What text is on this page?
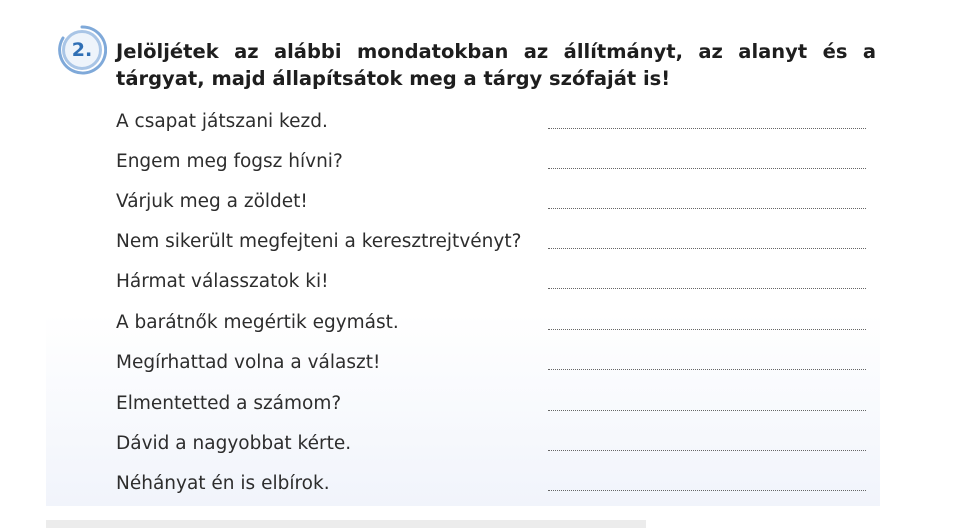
2.	Jelöljétek az alábbi mondatokban az állítmányt, az alanyt és a tárgyat, majd állapítsátok meg a tárgy szófaját is!
A csapat játszani kezd.
Engem meg fogsz hívni?
Várjuk meg a zöldet!
Nem sikerült megfejteni a keresztrejtvényt?
Hármat válasszatok ki!
A barátnők megértik egymást.
Megírhattad volna a választ!
Elmentetted a számom?
Dávid a nagyobbat kérte.
Néhányat én is elbírok.
